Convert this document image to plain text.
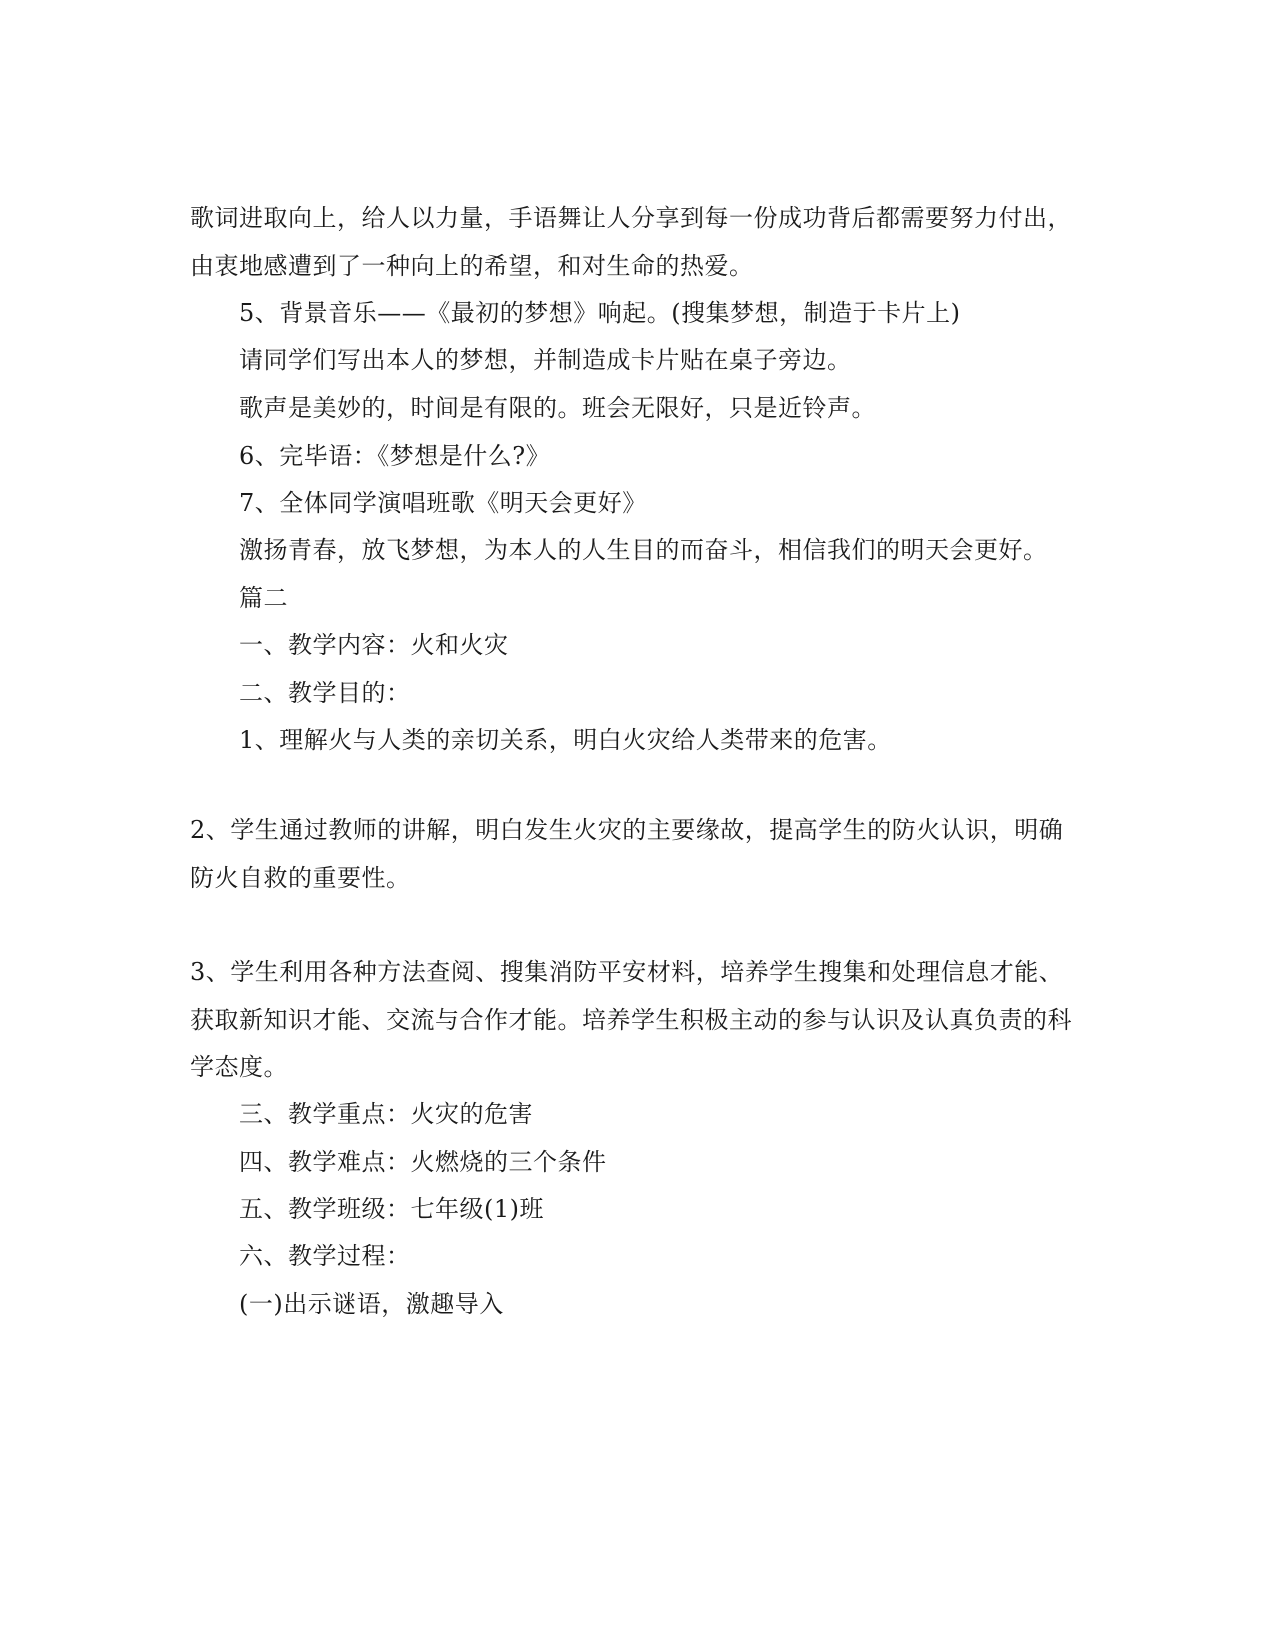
歌词进取向上，给人以力量，手语舞让人分享到每一份成功背后都需要努力付出，
由衷地感遭到了一种向上的希望，和对生命的热爱。
5、背景音乐——《最初的梦想》响起。(搜集梦想，制造于卡片上)
请同学们写出本人的梦想，并制造成卡片贴在桌子旁边。
歌声是美妙的，时间是有限的。班会无限好，只是近铃声。
6、完毕语：《梦想是什么?》
7、全体同学演唱班歌《明天会更好》
激扬青春，放飞梦想，为本人的人生目的而奋斗，相信我们的明天会更好。
篇二
一、教学内容：火和火灾
二、教学目的：
1、理解火与人类的亲切关系，明白火灾给人类带来的危害。
2、学生通过教师的讲解，明白发生火灾的主要缘故，提高学生的防火认识，明确
防火自救的重要性。
3、学生利用各种方法查阅、搜集消防平安材料，培养学生搜集和处理信息才能、
获取新知识才能、交流与合作才能。培养学生积极主动的参与认识及认真负责的科
学态度。
三、教学重点：火灾的危害
四、教学难点：火燃烧的三个条件
五、教学班级：七年级(1)班
六、教学过程：
(一)出示谜语，激趣导入
